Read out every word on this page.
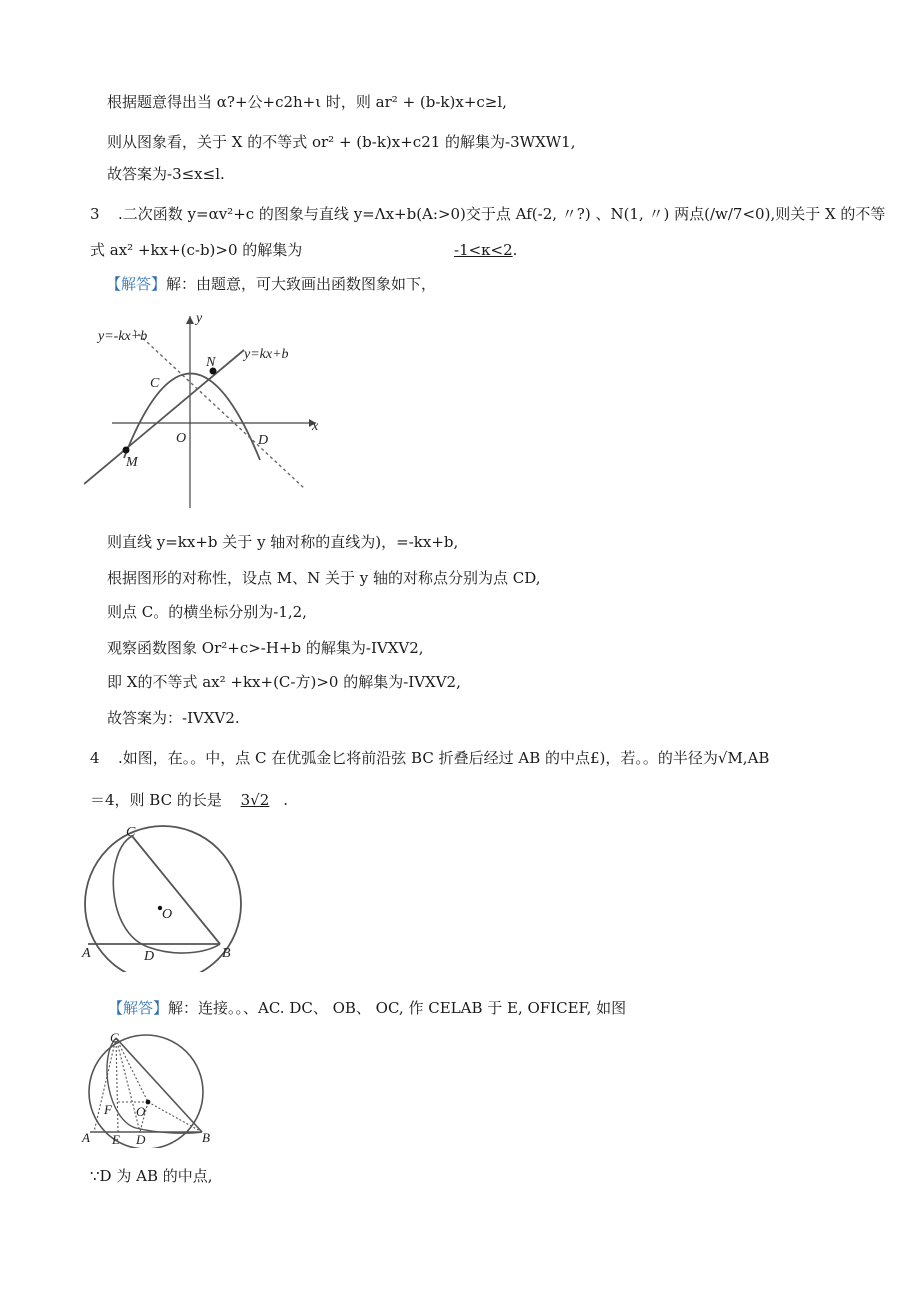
根据题意得出当 α?+公+c2h+ι 时，则 ar² + (b-k)x+c≥l,
则从图象看，关于 X 的不等式 or² + (b-k)x+c21 的解集为-3WXW1,
故答案为-3≤x≤l.
3 .二次函数 y=αv²+c 的图象与直线 y=Λx+b(A:>0)交于点 Af(-2, 〃?) 、N(1, 〃) 两点(/w/7<0),则关于 X 的不等
式 ax² +kx+(c-b)>0 的解集为	-1<κ<2.
【解答】解：由题意，可大致画出函数图象如下，
y=-kx+b
y=kx+b
y
x
N
C
O	D
M
则直线 y=kx+b 关于 y 轴对称的直线为)，=-kx+b,
根据图形的对称性，设点 M、N 关于 y 轴的对称点分别为点 CD,
则点 C。的横坐标分别为-1,2,
观察函数图象 Or²+c>-H+b 的解集为-IVXV2,
即 X的不等式 ax² +kx+(C-方)>0 的解集为-IVXV2,
故答案为：-IVXV2.
4 .如图，在。。中，点 C 在优弧金匕将前沿弦 BC 折叠后经过 AB 的中点£)，若。。的半径为√M,AB
＝4，则 BC 的长是 3√2 .
C
O
A	D	B
【解答】解：连接。。、AC. DC、 OB、 OC, 作 CELAB 于 E, OFICEF, 如图
C
F O
A E D	B
∵D 为 AB 的中点,
